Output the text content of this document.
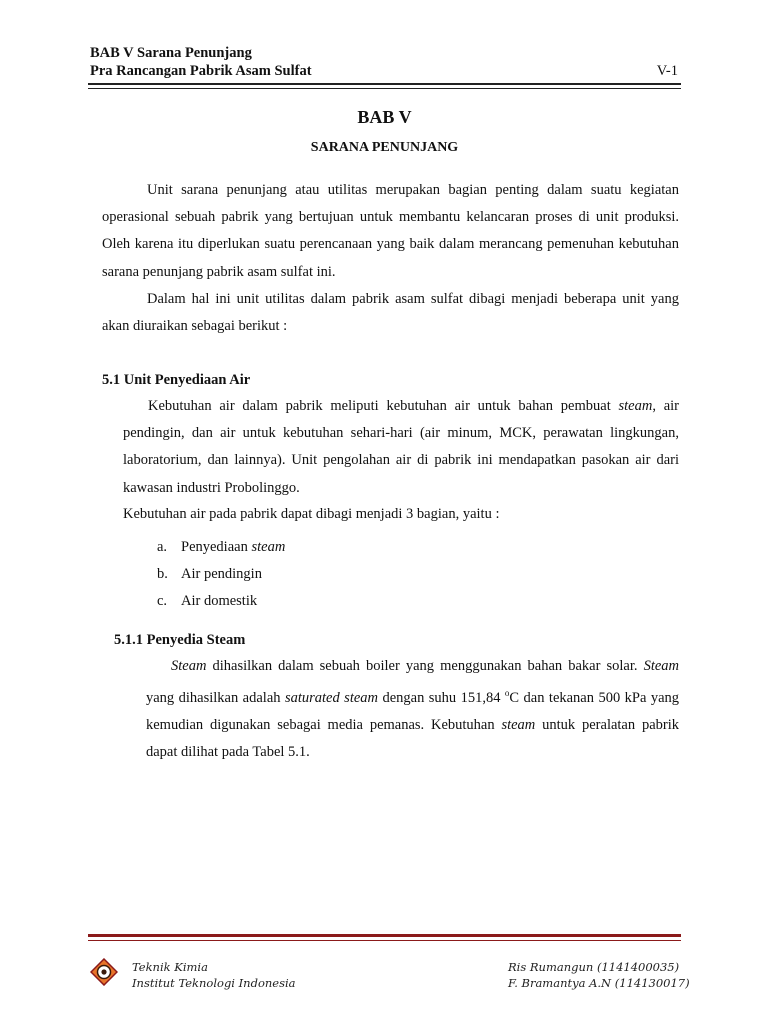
BAB V Sarana Penunjang
Pra Rancangan Pabrik Asam Sulfat	V-1
BAB V
SARANA PENUNJANG
Unit sarana penunjang atau utilitas merupakan bagian penting dalam suatu kegiatan operasional sebuah pabrik yang bertujuan untuk membantu kelancaran proses di unit produksi. Oleh karena itu diperlukan suatu perencanaan yang baik dalam merancang pemenuhan kebutuhan sarana penunjang pabrik asam sulfat ini.
Dalam hal ini unit utilitas dalam pabrik asam sulfat dibagi menjadi beberapa unit yang akan diuraikan sebagai berikut :
5.1 Unit Penyediaan Air
Kebutuhan air dalam pabrik meliputi kebutuhan air untuk bahan pembuat steam, air pendingin, dan air untuk kebutuhan sehari-hari (air minum, MCK, perawatan lingkungan, laboratorium, dan lainnya). Unit pengolahan air di pabrik ini mendapatkan pasokan air dari kawasan industri Probolinggo.
Kebutuhan air pada pabrik dapat dibagi menjadi 3 bagian, yaitu :
a. Penyediaan steam
b. Air pendingin
c. Air domestik
5.1.1 Penyedia Steam
Steam dihasilkan dalam sebuah boiler yang menggunakan bahan bakar solar. Steam yang dihasilkan adalah saturated steam dengan suhu 151,84 $^o$C dan tekanan 500 kPa yang kemudian digunakan sebagai media pemanas. Kebutuhan steam untuk peralatan pabrik dapat dilihat pada Tabel 5.1.
Teknik Kimia
Institut Teknologi Indonesia
Ris Rumangun (1141400035)
F. Bramantya A.N (114130017)
